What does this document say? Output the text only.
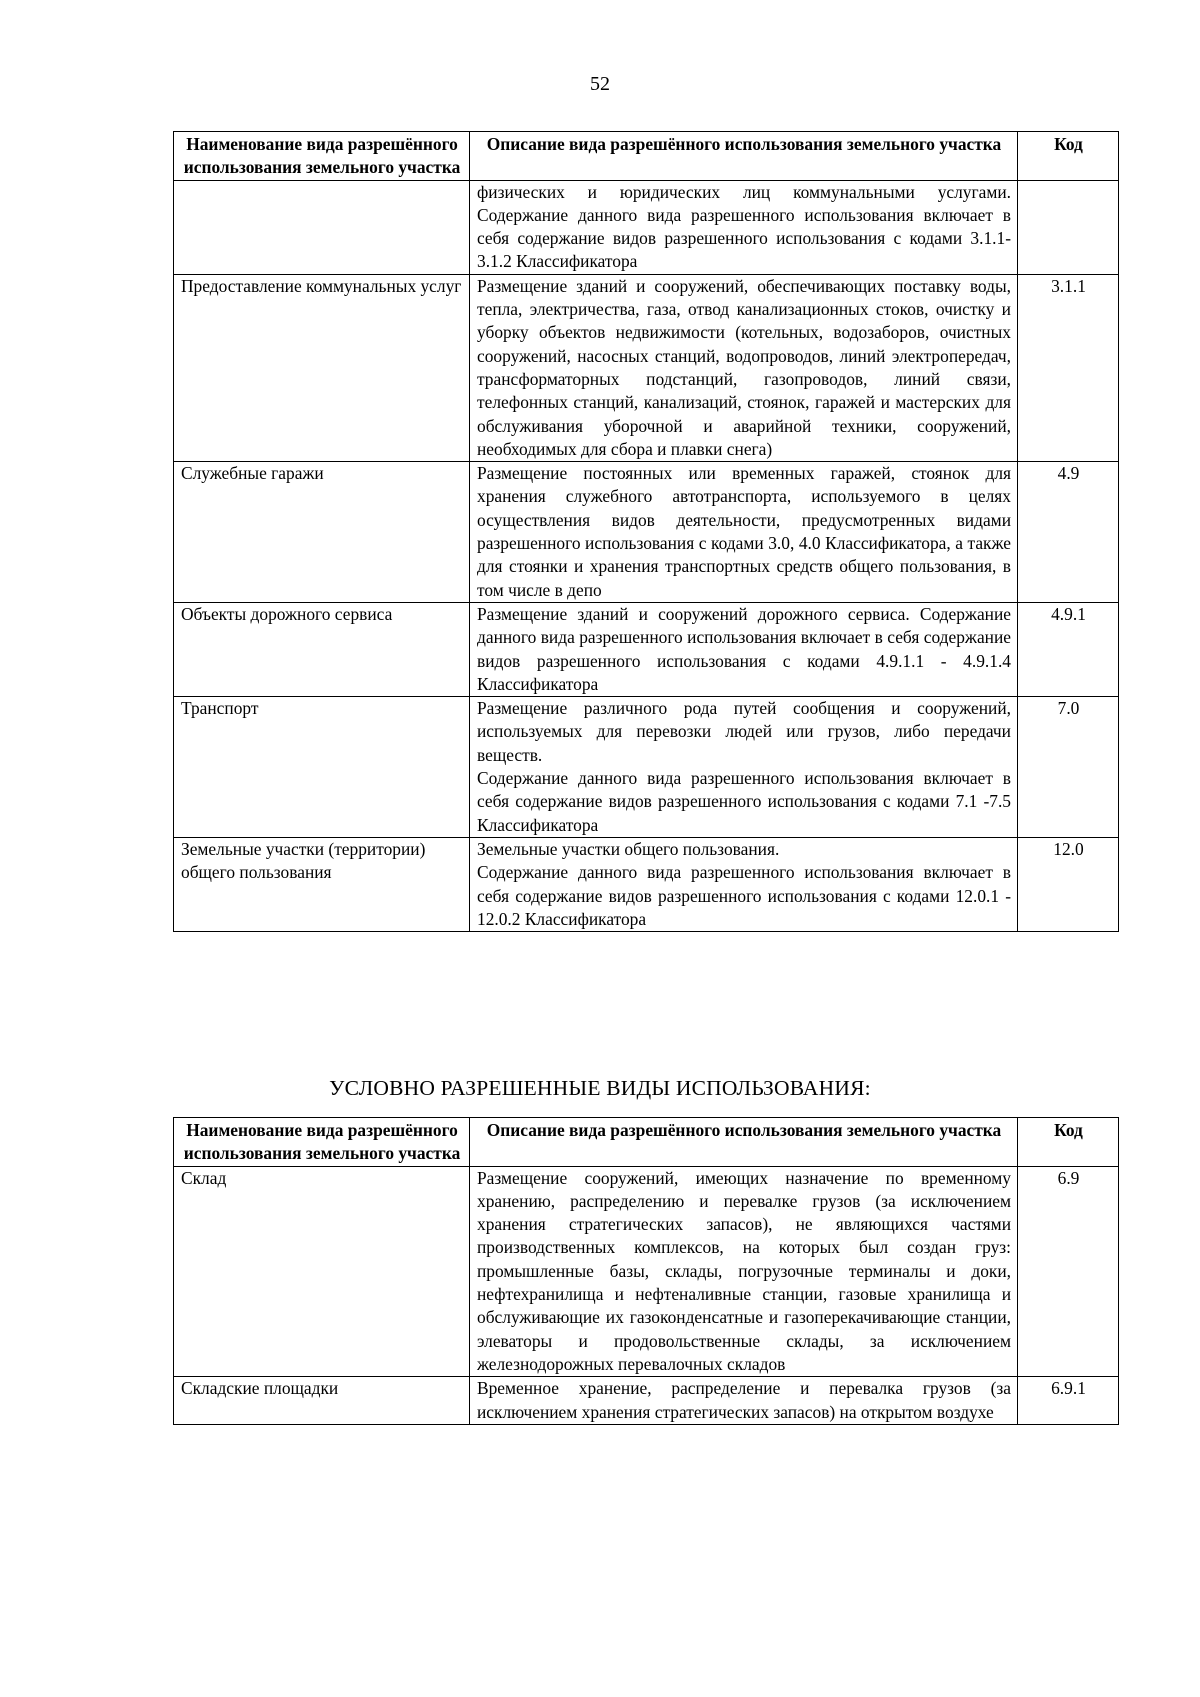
52
Наименование вида разрешённого использования земельного участка	Описание вида разрешённого использования земельного участка	Код

	физических и юридических лиц коммунальными услугами. Содержание данного вида разрешенного использования включает в себя содержание видов разрешенного использования с кодами 3.1.1-3.1.2 Классификатора	

Предоставление коммунальных услуг	Размещение зданий и сооружений, обеспечивающих поставку воды, тепла, электричества, газа, отвод канализационных стоков, очистку и уборку объектов недвижимости (котельных, водозаборов, очистных сооружений, насосных станций, водопроводов, линий электропередач, трансформаторных подстанций, газопроводов, линий связи, телефонных станций, канализаций, стоянок, гаражей и мастерских для обслуживания уборочной и аварийной техники, сооружений, необходимых для сбора и плавки снега)	3.1.1
Служебные гаражи	Размещение постоянных или временных гаражей, стоянок для хранения служебного автотранспорта, используемого в целях осуществления видов деятельности, предусмотренных видами разрешенного использования с кодами 3.0, 4.0 Классификатора, а также для стоянки и хранения транспортных средств общего пользования, в том числе в депо	4.9
Объекты дорожного сервиса	Размещение зданий и сооружений дорожного сервиса. Содержание данного вида разрешенного использования включает в себя содержание видов разрешенного использования с кодами 4.9.1.1 - 4.9.1.4 Классификатора	4.9.1
Транспорт	Размещение различного рода путей сообщения и сооружений, используемых для перевозки людей или грузов, либо передачи веществ.
Содержание данного вида разрешенного использования включает в себя содержание видов разрешенного использования с кодами 7.1 -7.5 Классификатора	7.0
Земельные участки (территории) общего пользования	Земельные участки общего пользования.
Содержание данного вида разрешенного использования включает в себя содержание видов разрешенного использования с кодами 12.0.1 - 12.0.2 Классификатора	12.0
УСЛОВНО РАЗРЕШЕННЫЕ ВИДЫ ИСПОЛЬЗОВАНИЯ:
Наименование вида разрешённого использования земельного участка	Описание вида разрешённого использования земельного участка	Код
Склад	Размещение сооружений, имеющих назначение по временному хранению, распределению и перевалке грузов (за исключением хранения стратегических запасов), не являющихся частями производственных комплексов, на которых был создан груз: промышленные базы, склады, погрузочные терминалы и доки, нефтехранилища и нефтеналивные станции, газовые хранилища и обслуживающие их газоконденсатные и газоперекачивающие станции, элеваторы и продовольственные склады, за исключением железнодорожных перевалочных складов	6.9
Складские площадки	Временное хранение, распределение и перевалка грузов (за исключением хранения стратегических запасов) на открытом воздухе	6.9.1
